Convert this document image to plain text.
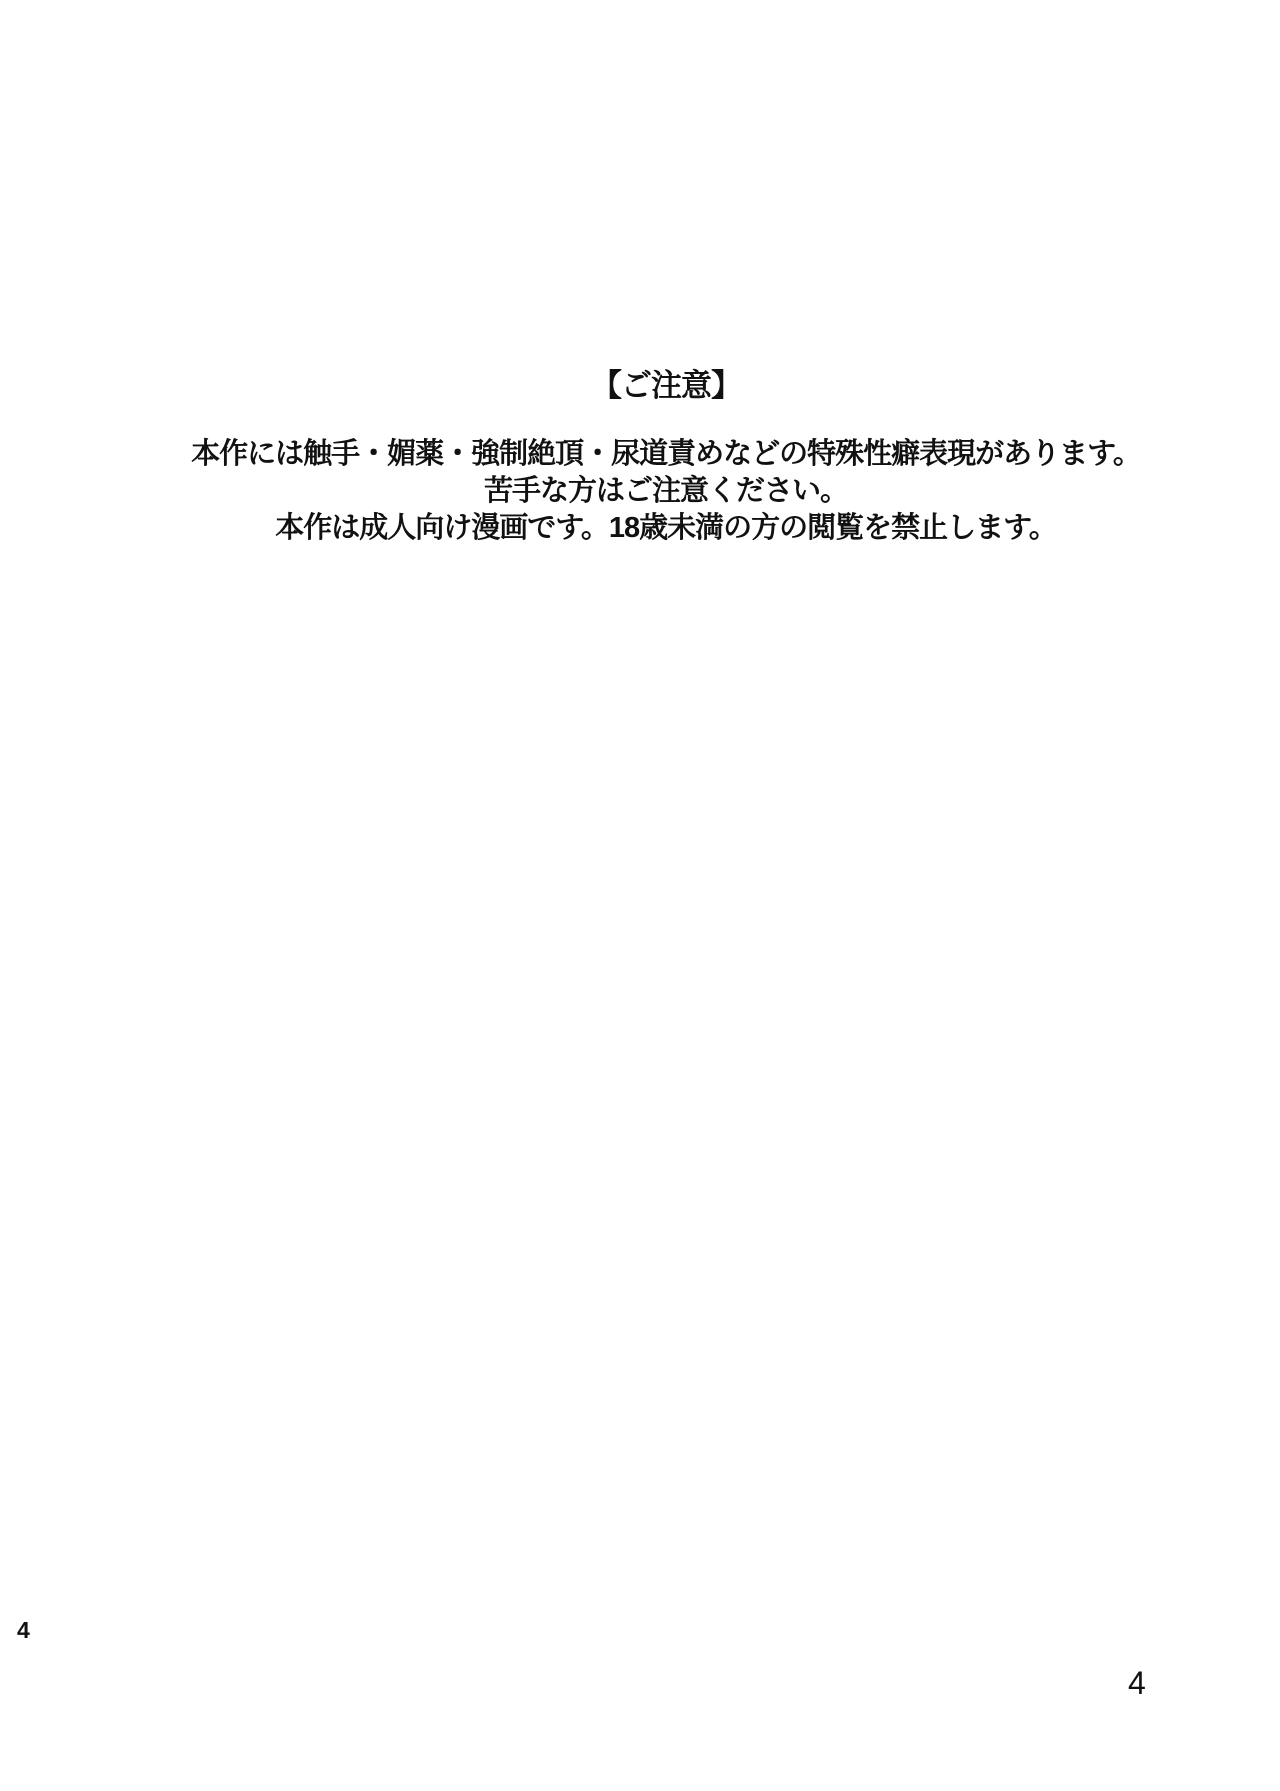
【ご注意】
本作には触手・媚薬・強制絶頂・尿道責めなどの特殊性癖表現があります。
苦手な方はご注意ください。
本作は成人向け漫画です。18歳未満の方の閲覧を禁止します。
4
4
